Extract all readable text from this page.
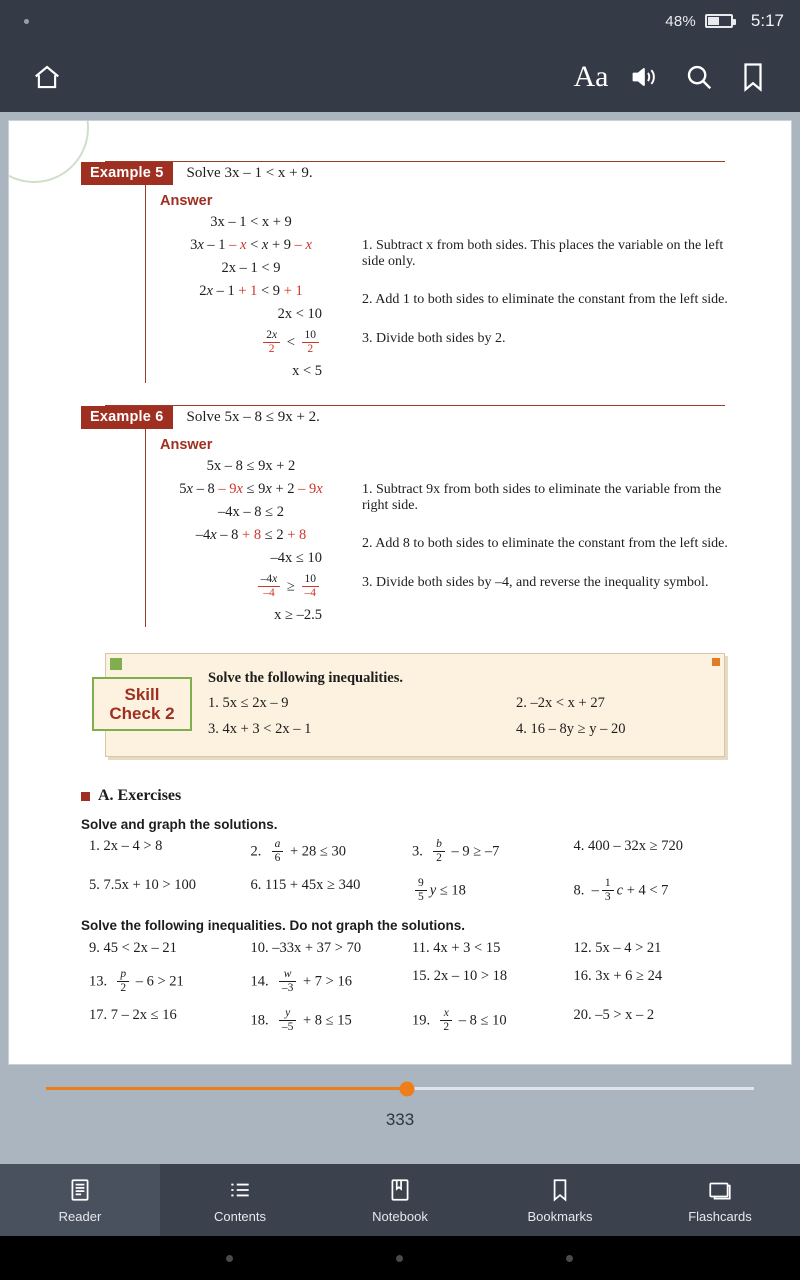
48%	5:17
Aa
Example 5	Solve 3x – 1 < x + 9.
Answer
3x – 1 < x + 9
3x – 1 – x < x + 9 – x
2x – 1 < 9
2x – 1 + 1 < 9 + 1
2x < 10
$\frac{2x}{2} < \frac{10}{2}$
x < 5
1. Subtract x from both sides. This places the variable on the left side only.
2. Add 1 to both sides to eliminate the constant from the left side.
3. Divide both sides by 2.
Example 6	Solve 5x – 8 ≤ 9x + 2.
Answer
5x – 8 ≤ 9x + 2
5x – 8 – 9x ≤ 9x + 2 – 9x
–4x – 8 ≤ 2
–4x – 8 + 8 ≤ 2 + 8
–4x ≤ 10
$\frac{-4x}{-4} \ge \frac{10}{-4}$
x ≥ –2.5
1. Subtract 9x from both sides to eliminate the variable from the right side.
2. Add 8 to both sides to eliminate the constant from the left side.
3. Divide both sides by –4, and reverse the inequality symbol.
Skill
Check 2
Solve the following inequalities.
1. 5x ≤ 2x – 9	2. –2x < x + 27
3. 4x + 3 < 2x – 1	4. 16 – 8y ≥ y – 20
A. Exercises
Solve and graph the solutions.
1. 2x – 4 > 8	2. $\frac{a}{6} + 28 \le 30$	3. $\frac{b}{2} - 9 \ge -7$	4. 400 – 32x ≥ 720
5. 7.5x + 10 > 100	6. 115 + 45x ≥ 340	$\frac{9}{5}$ y ≤ 18	8.  – $\frac{1}{3}$ c + 4 < 7
Solve the following inequalities. Do not graph the solutions.
9. 45 < 2x – 21	10. –33x + 37 > 70	11. 4x + 3 < 15	12. 5x – 4 > 21
13. $\frac{p}{2} - 6 > 21$	14. $\frac{w}{-3} + 7 > 16$	15. 2x – 10 > 18	16. 3x + 6 ≥ 24
17. 7 – 2x ≤ 16	18. $\frac{y}{-5} + 8 \le 15$	19. $\frac{x}{2} - 8 \le 10$	20. –5 > x – 2
333
Reader	Contents	Notebook	Bookmarks	Flashcards
